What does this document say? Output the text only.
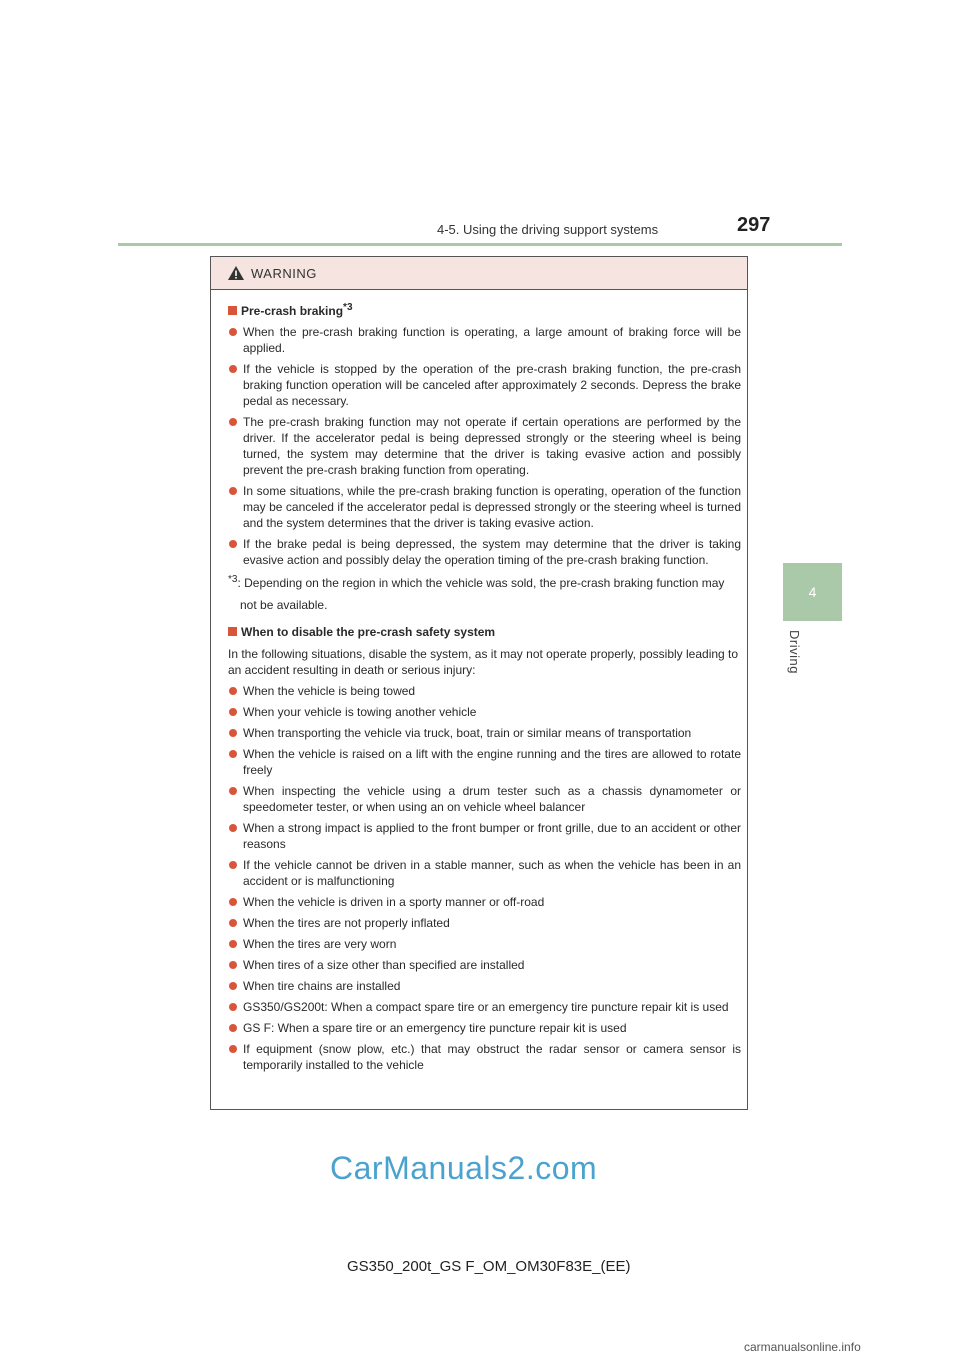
4-5. Using the driving support systems	297
4
Driving
WARNING
Pre-crash braking$^{*3}$
When the pre-crash braking function is operating, a large amount of braking force will be applied.
If the vehicle is stopped by the operation of the pre-crash braking function, the pre-crash braking function operation will be canceled after approximately 2 seconds. Depress the brake pedal as necessary.
The pre-crash braking function may not operate if certain operations are performed by the driver. If the accelerator pedal is being depressed strongly or the steering wheel is being turned, the system may determine that the driver is taking evasive action and possibly prevent the pre-crash braking function from operating.
In some situations, while the pre-crash braking function is operating, operation of the function may be canceled if the accelerator pedal is depressed strongly or the steering wheel is turned and the system determines that the driver is taking evasive action.
If the brake pedal is being depressed, the system may determine that the driver is taking evasive action and possibly delay the operation timing of the pre-crash braking function.
$^{*3}$: Depending on the region in which the vehicle was sold, the pre-crash braking function may not be available.
When to disable the pre-crash safety system
In the following situations, disable the system, as it may not operate properly, possibly leading to an accident resulting in death or serious injury:
When the vehicle is being towed
When your vehicle is towing another vehicle
When transporting the vehicle via truck, boat, train or similar means of transportation
When the vehicle is raised on a lift with the engine running and the tires are allowed to rotate freely
When inspecting the vehicle using a drum tester such as a chassis dynamometer or speedometer tester, or when using an on vehicle wheel balancer
When a strong impact is applied to the front bumper or front grille, due to an accident or other reasons
If the vehicle cannot be driven in a stable manner, such as when the vehicle has been in an accident or is malfunctioning
When the vehicle is driven in a sporty manner or off-road
When the tires are not properly inflated
When the tires are very worn
When tires of a size other than specified are installed
When tire chains are installed
GS350/GS200t: When a compact spare tire or an emergency tire puncture repair kit is used
GS F: When a spare tire or an emergency tire puncture repair kit is used
If equipment (snow plow, etc.) that may obstruct the radar sensor or camera sensor is temporarily installed to the vehicle
CarManuals2.com
GS350_200t_GS F_OM_OM30F83E_(EE)
carmanualsonline.info
